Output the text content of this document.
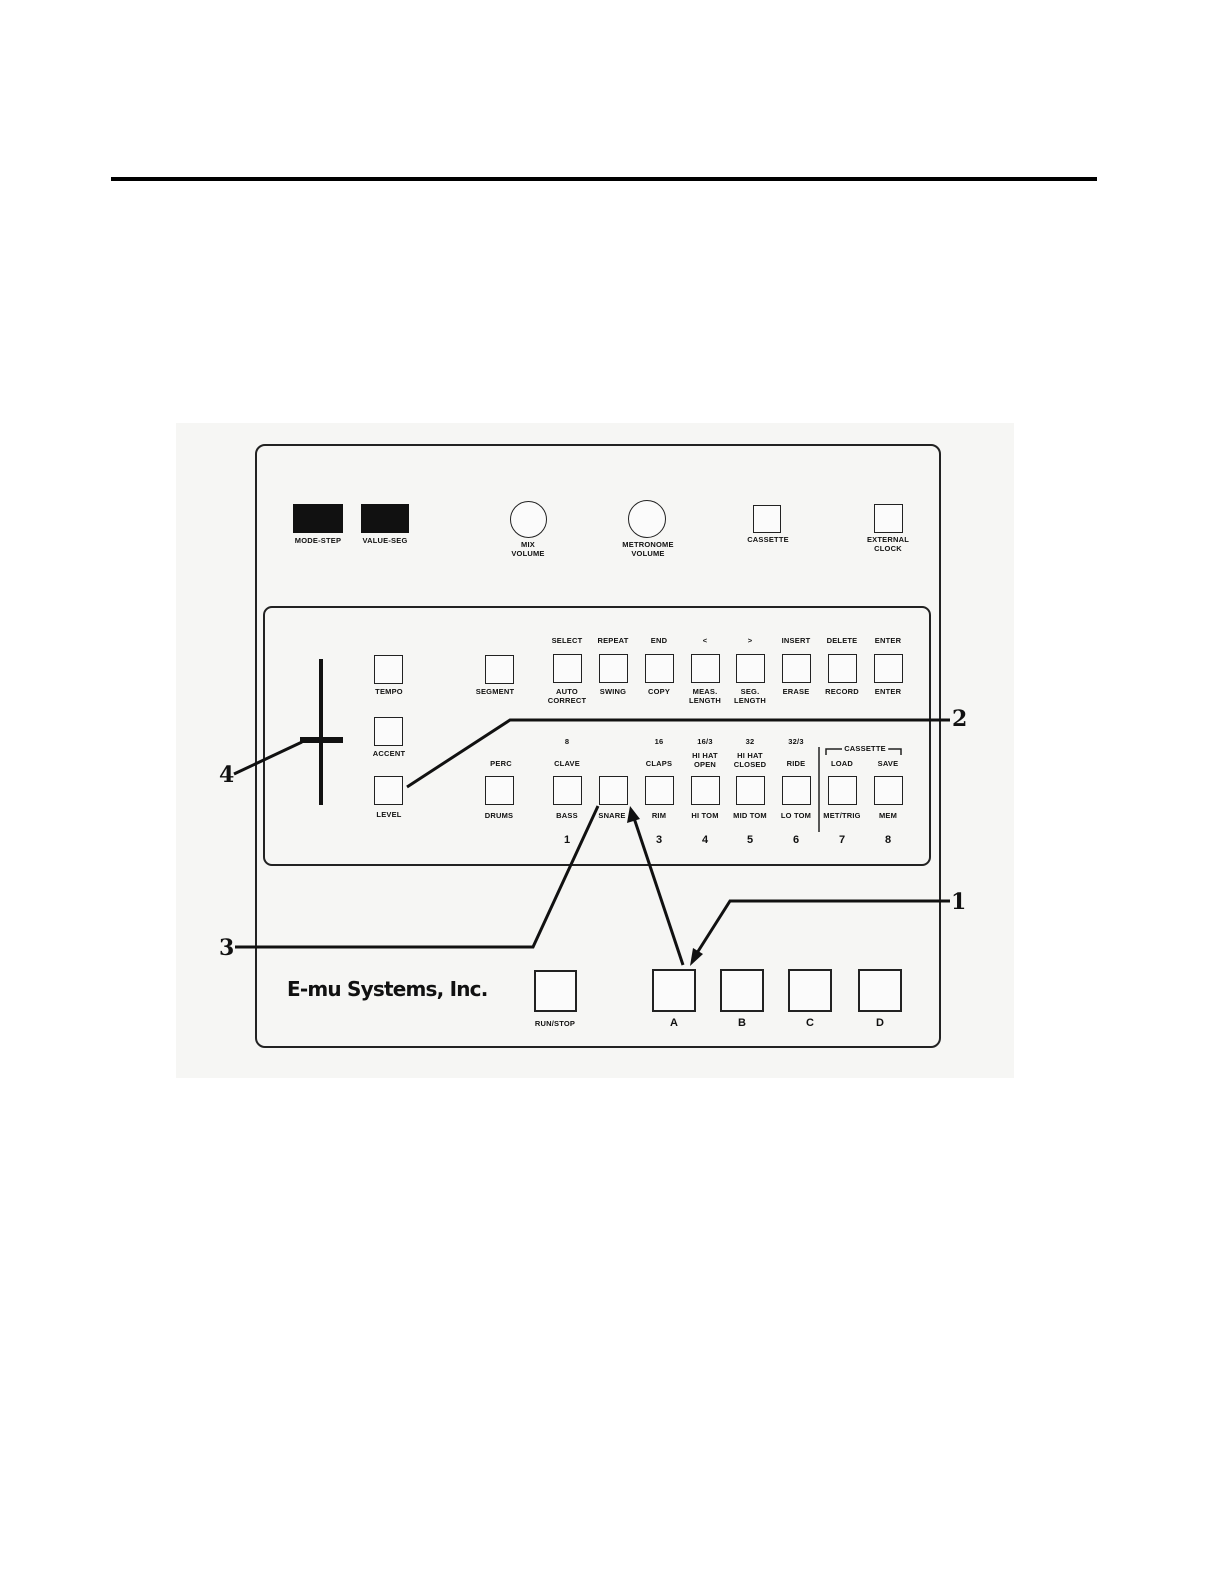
MODE-STEP	VALUE-SEG	MIX
VOLUME
METRONOME
VOLUME
CASSETTE	EXTERNAL
CLOCK
TEMPO
ACCENT
LEVEL
SEGMENT
SELECT REPEAT	END	<	>	INSERT DELETE ENTER
AUTO
CORRECT
SWING	COPY	MEAS.
LENGTH
SEG.
LENGTH
ERASE RECORD ENTER
8	16	16/3	32	32/3
CASSETTE
PERC	CLAVE	CLAPS
HI HAT
OPEN
HI HAT
CLOSED	RIDE	LOAD	SAVE
DRUMS	BASS	SNARE	RIM	HI TOM MID TOM LO TOM MET/TRIG MEM
1	3	4	5	6	7	8
E-mu Systems, Inc.
RUN/STOP	A	B	C	D
1
2
3
4
